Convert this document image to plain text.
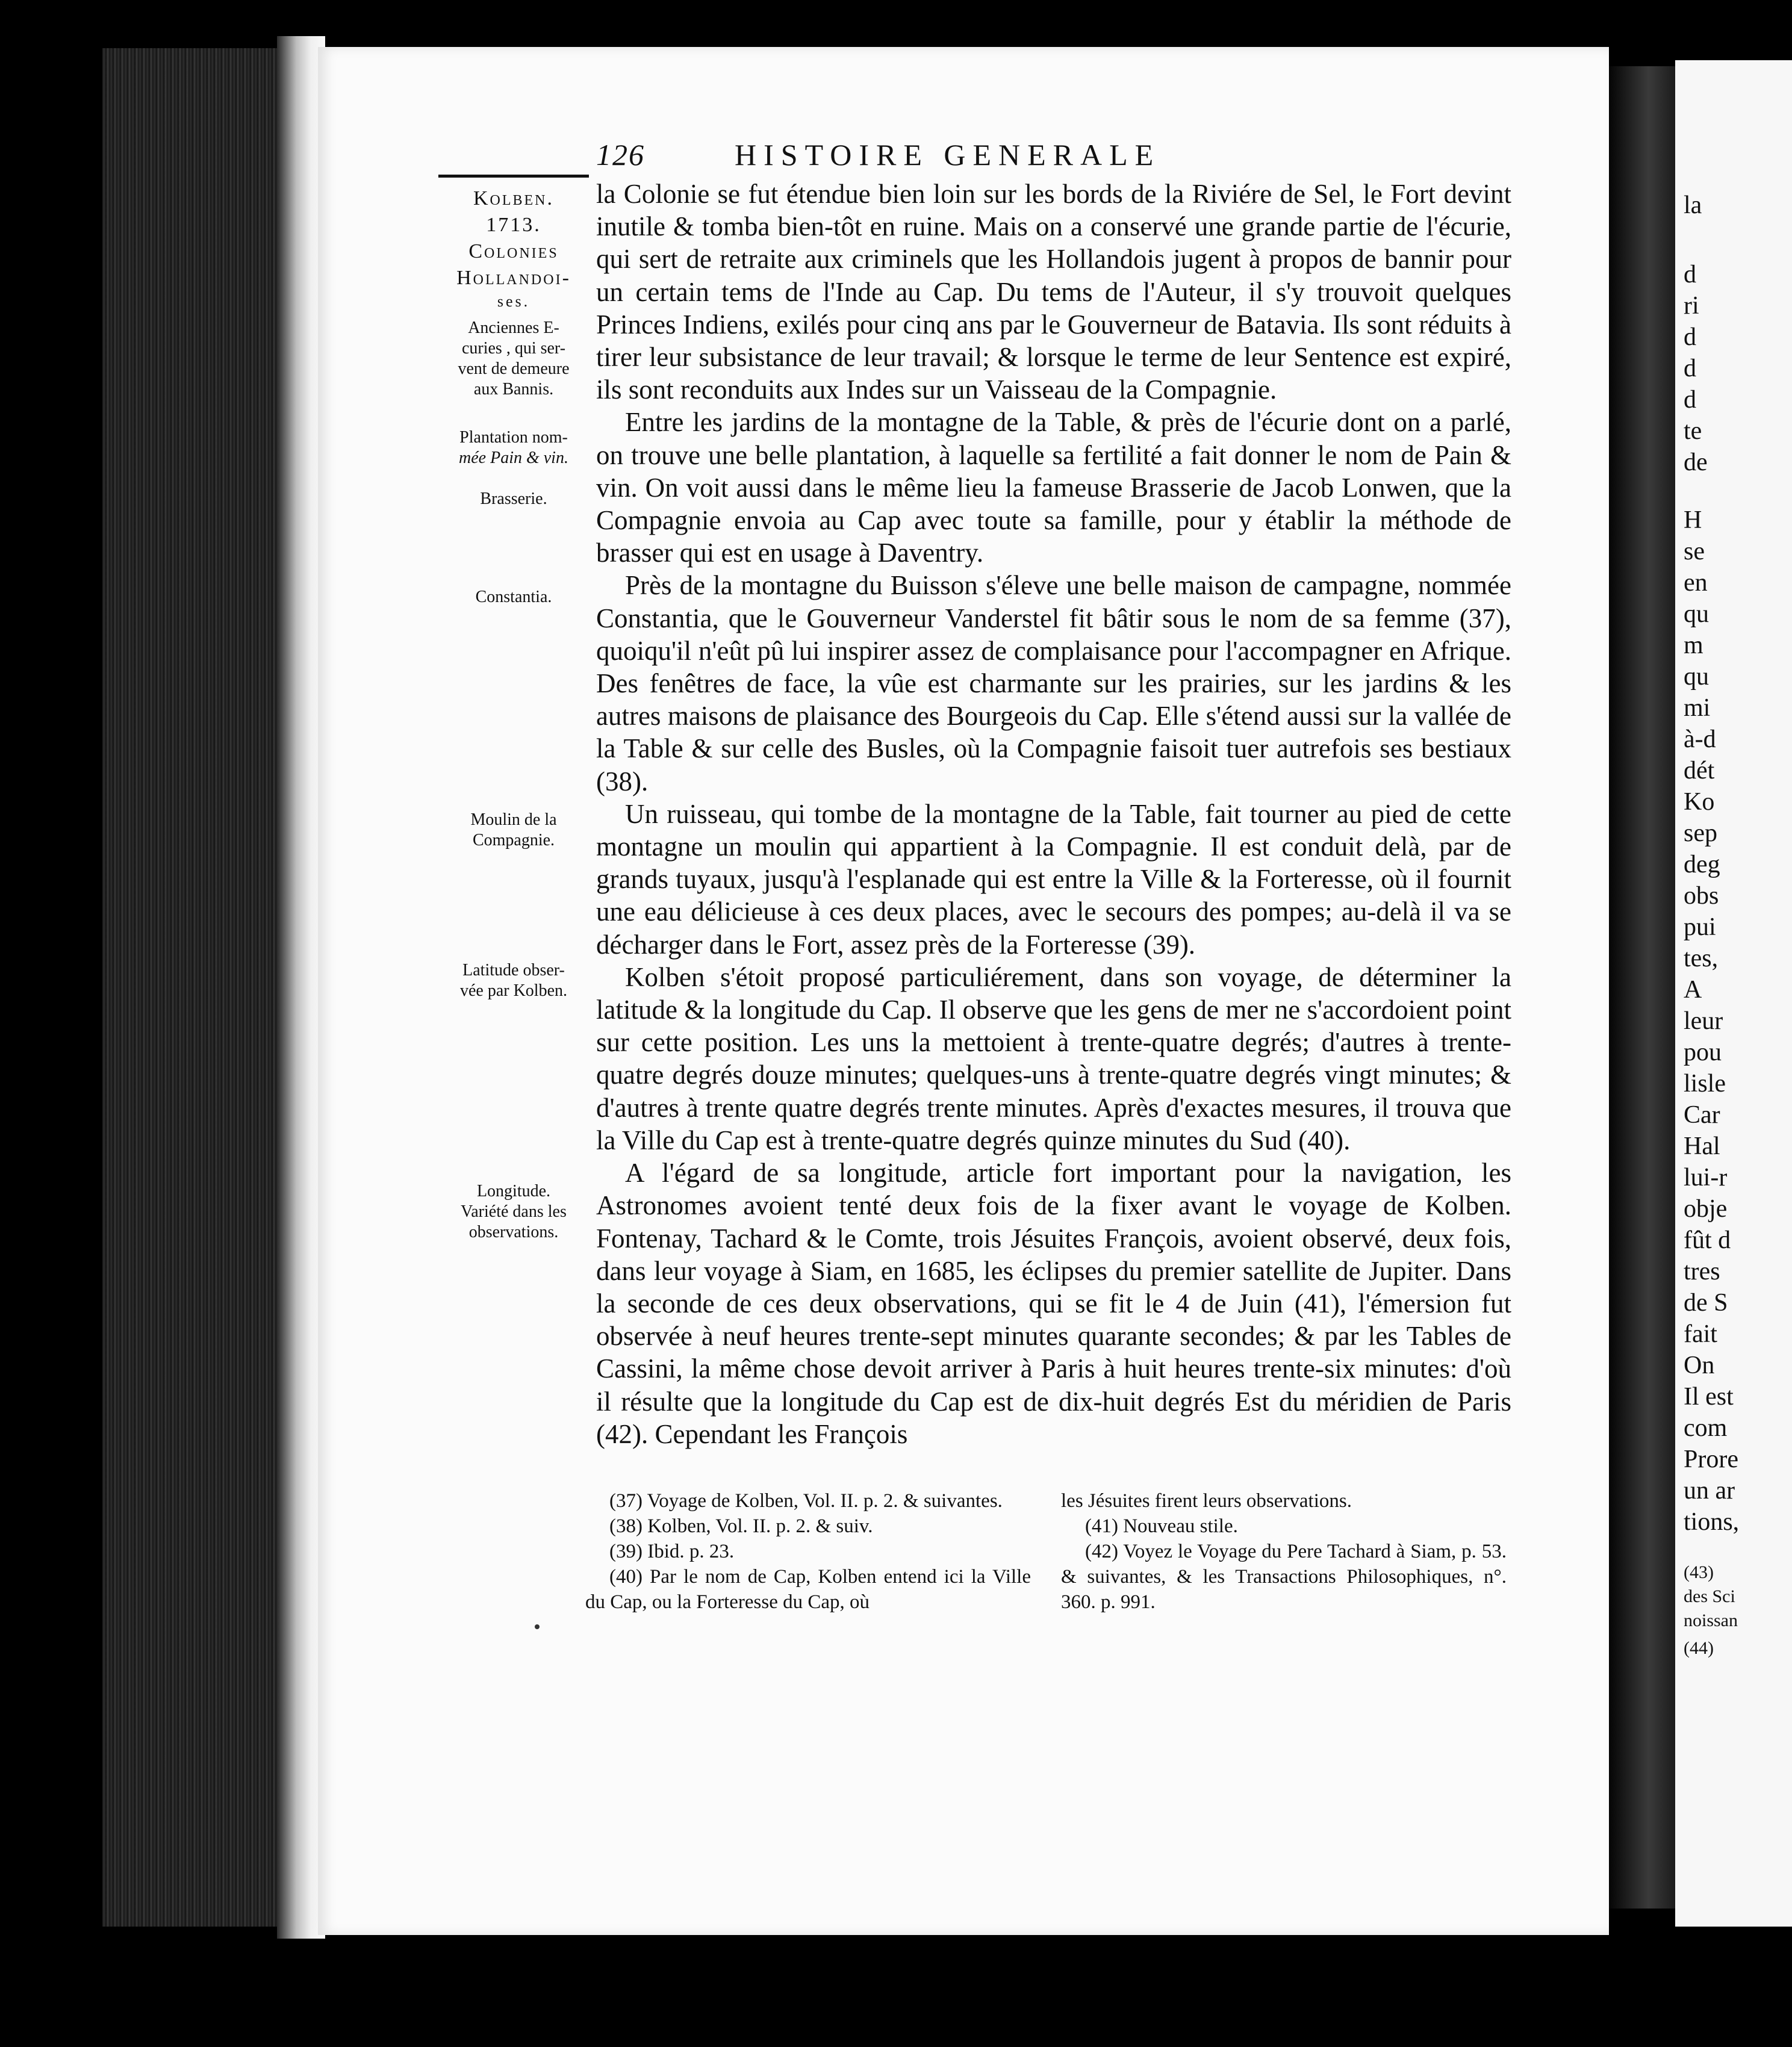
126	HISTOIRE GENERALE
Kolben.
1713.
Colonies
Hollandoi-
ses.
Anciennes E-
curies , qui ser-
vent de demeure
aux Bannis.
Plantation nom-
mée Pain & vin.
Brasserie.
Constantia.
Moulin de la
Compagnie.
Latitude obser-
vée par Kolben.
Longitude.
Variété dans les
observations.

la Colonie se fut étendue bien loin sur les bords de la Riviére de Sel, le Fort devint inutile & tomba bien-tôt en ruine. Mais on a conservé une grande partie de l'écurie, qui sert de retraite aux criminels que les Hollandois jugent à propos de bannir pour un certain tems de l'Inde au Cap. Du tems de l'Auteur, il s'y trouvoit quelques Princes Indiens, exilés pour cinq ans par le Gouverneur de Batavia. Ils sont réduits à tirer leur subsistance de leur travail; & lorsque le terme de leur Sentence est expiré, ils sont reconduits aux Indes sur un Vaisseau de la Compagnie.

Entre les jardins de la montagne de la Table, & près de l'écurie dont on a parlé, on trouve une belle plantation, à laquelle sa fertilité a fait donner le nom de Pain & vin. On voit aussi dans le même lieu la fameuse Brasserie de Jacob Lonwen, que la Compagnie envoia au Cap avec toute sa famille, pour y établir la méthode de brasser qui est en usage à Daventry.

Près de la montagne du Buisson s'éleve une belle maison de campagne, nommée Constantia, que le Gouverneur Vanderstel fit bâtir sous le nom de sa femme (37), quoiqu'il n'eût pû lui inspirer assez de complaisance pour l'accompagner en Afrique. Des fenêtres de face, la vûe est charmante sur les prairies, sur les jardins & les autres maisons de plaisance des Bourgeois du Cap. Elle s'étend aussi sur la vallée de la Table & sur celle des Busles, où la Compagnie faisoit tuer autrefois ses bestiaux (38).

Un ruisseau, qui tombe de la montagne de la Table, fait tourner au pied de cette montagne un moulin qui appartient à la Compagnie. Il est conduit delà, par de grands tuyaux, jusqu'à l'esplanade qui est entre la Ville & la Forteresse, où il fournit une eau délicieuse à ces deux places, avec le secours des pompes; au-delà il va se décharger dans le Fort, assez près de la Forteresse (39).

Kolben s'étoit proposé particuliérement, dans son voyage, de déterminer la latitude & la longitude du Cap. Il observe que les gens de mer ne s'accordoient point sur cette position. Les uns la mettoient à trente-quatre degrés; d'autres à trente-quatre degrés douze minutes; quelques-uns à trente-quatre degrés vingt minutes; & d'autres à trente quatre degrés trente minutes. Après d'exactes mesures, il trouva que la Ville du Cap est à trente-quatre degrés quinze minutes du Sud (40).

A l'égard de sa longitude, article fort important pour la navigation, les Astronomes avoient tenté deux fois de la fixer avant le voyage de Kolben. Fontenay, Tachard & le Comte, trois Jésuites François, avoient observé, deux fois, dans leur voyage à Siam, en 1685, les éclipses du premier satellite de Jupiter. Dans la seconde de ces deux observations, qui se fit le 4 de Juin (41), l'émersion fut observée à neuf heures trente-sept minutes quarante secondes; & par les Tables de Cassini, la même chose devoit arriver à Paris à huit heures trente-six minutes: d'où il résulte que la longitude du Cap est de dix-huit degrés Est du méridien de Paris (42). Cependant les François

(37) Voyage de Kolben, Vol. II. p. 2. & suivantes.
(38) Kolben, Vol. II. p. 2. & suiv.
(39) Ibid. p. 23.
(40) Par le nom de Cap, Kolben entend ici la Ville du Cap, ou la Forteresse du Cap, où
les Jésuites firent leurs observations.
(41) Nouveau stile.
(42) Voyez le Voyage du Pere Tachard à Siam, p. 53. & suivantes, & les Transactions Philosophiques, n°. 360. p. 991.
la
d
ri
d
d
d
te
de
H
se
en
qu
m
qu
mi
à-d
dét
Ko
sep
deg
obs
pui
tes,
A
leur
pou
lisle
Car
Hal
lui-r
obje
fût d
tres
de S
fait
On
Il est
com
Prore
un ar
tions,
(43)
des Sci
noissan
(44)
